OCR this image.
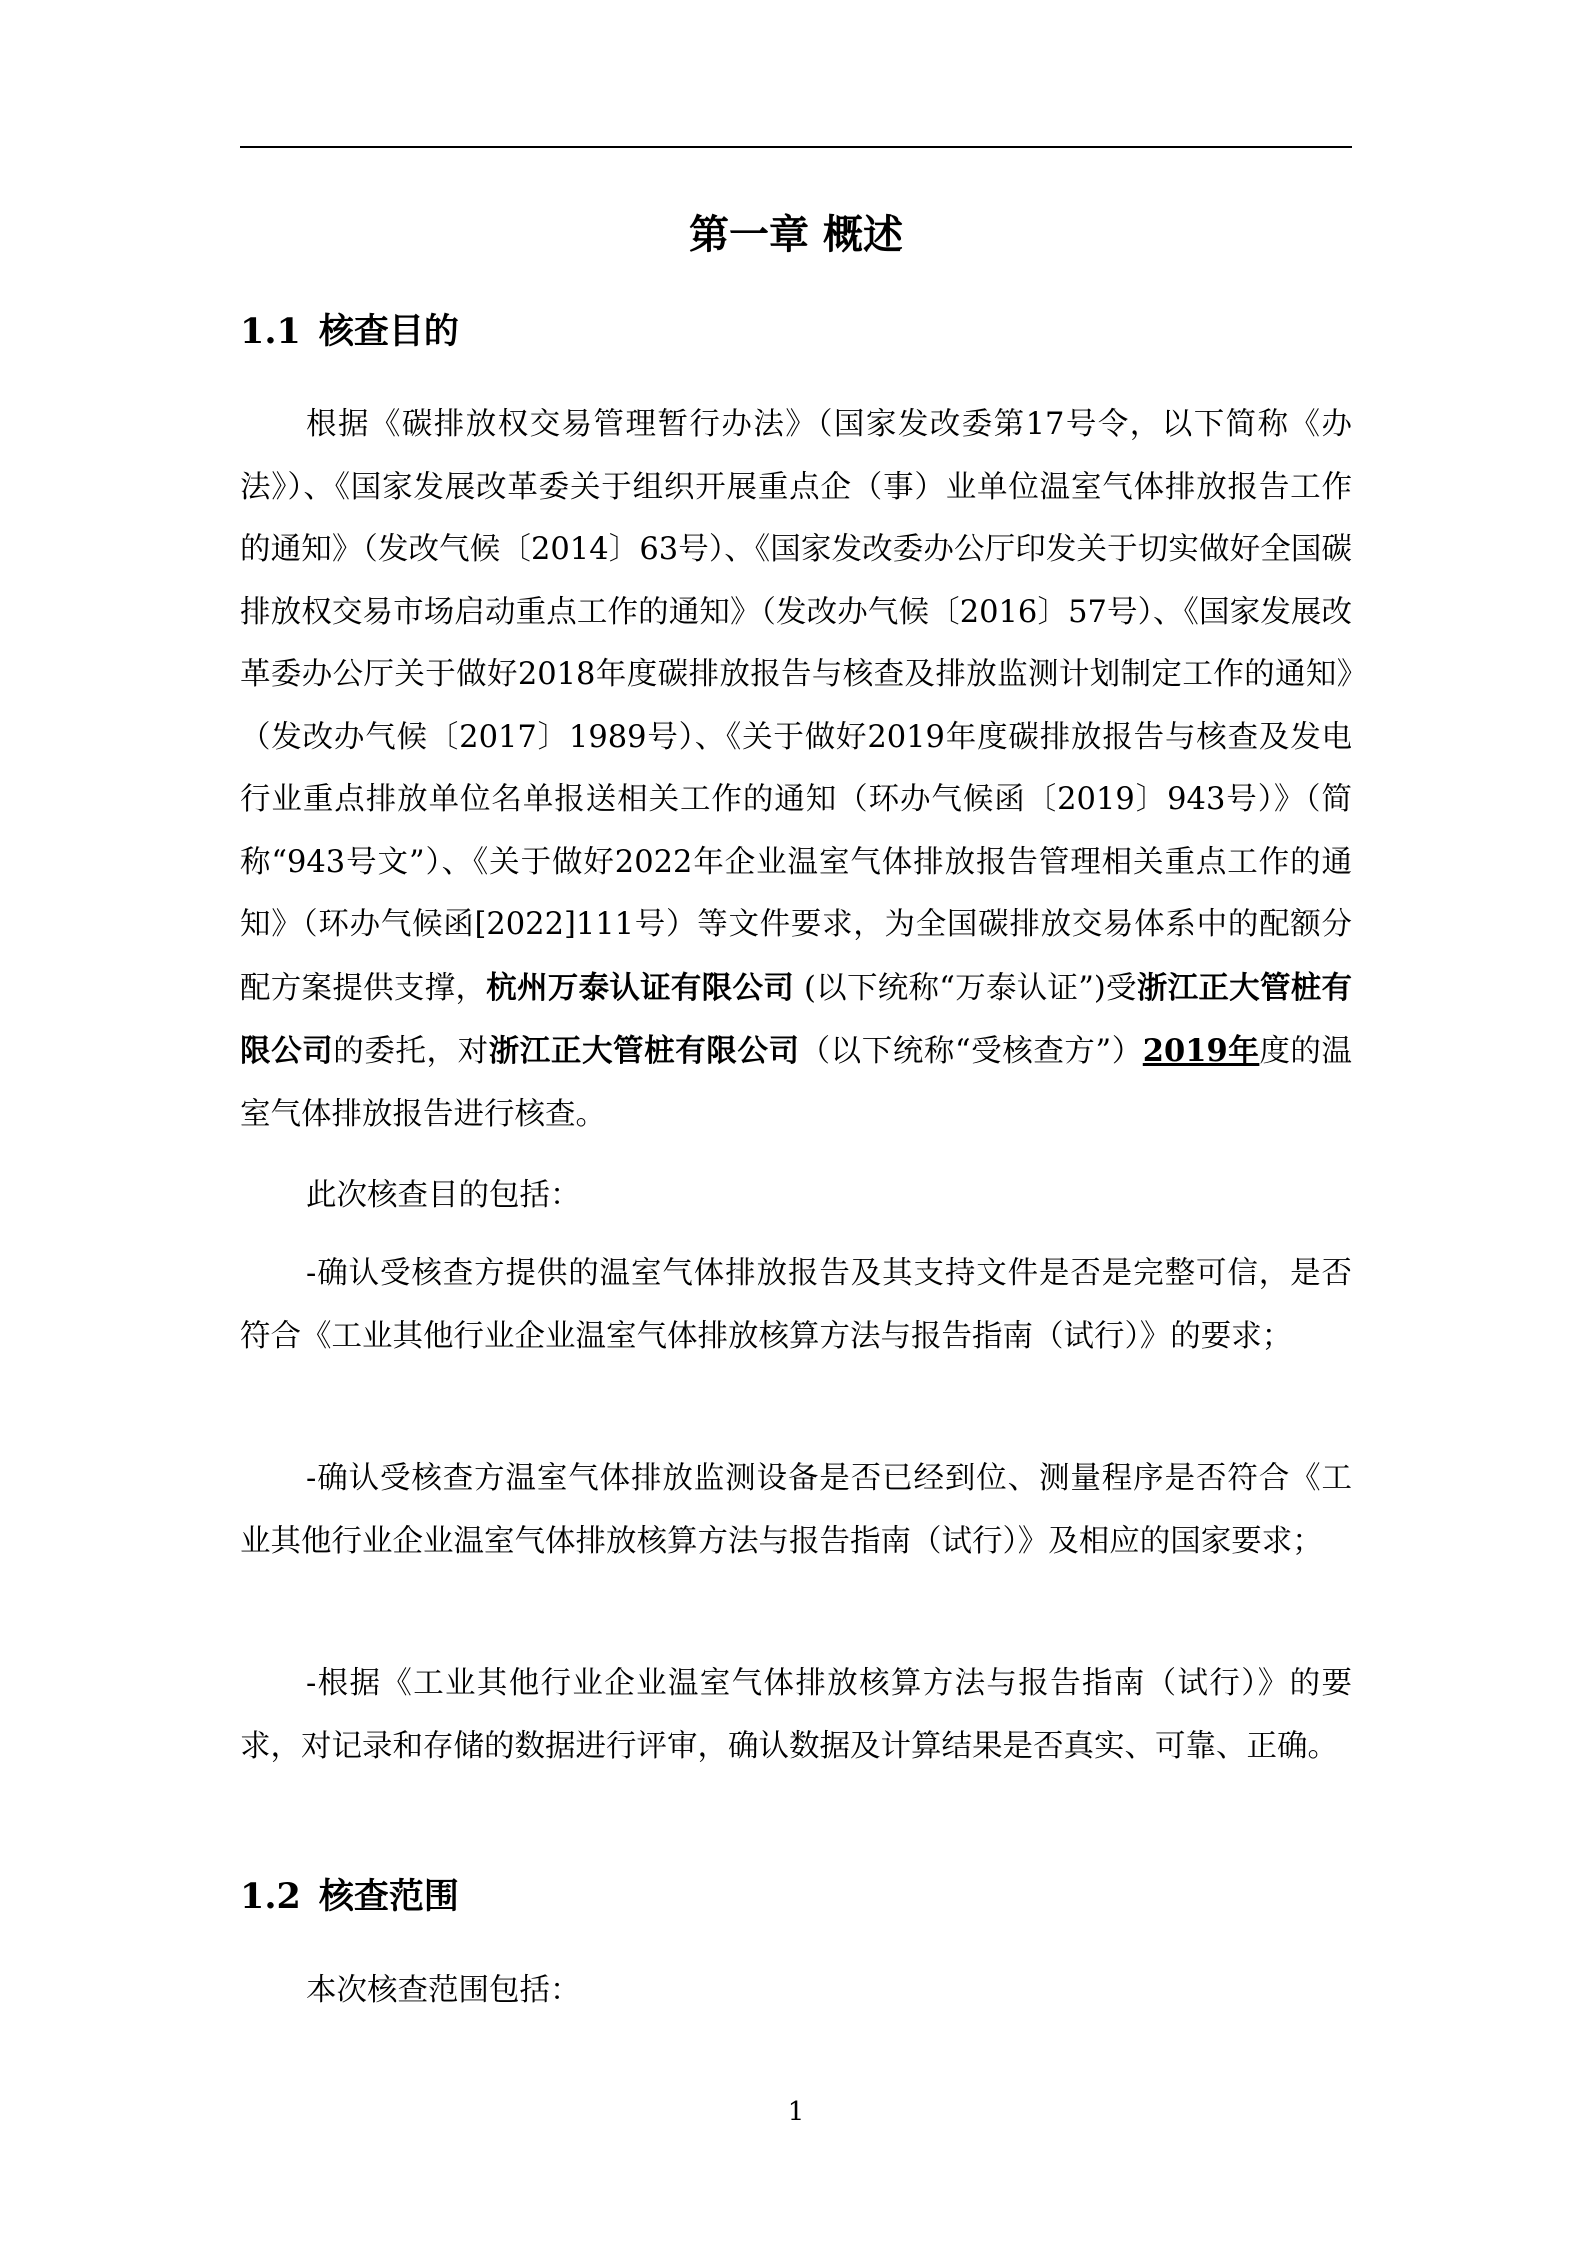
第一章 概述
1.1 核查目的

根据《碳排放权交易管理暂行办法》（国家发改委第17号令，以下简称《办法》）、《国家发展改革委关于组织开展重点企（事）业单位温室气体排放报告工作的通知》（发改气候〔2014〕63号）、《国家发改委办公厅印发关于切实做好全国碳排放权交易市场启动重点工作的通知》（发改办气候〔2016〕57号）、《国家发展改革委办公厅关于做好2018年度碳排放报告与核查及排放监测计划制定工作的通知》（发改办气候〔2017〕1989号）、《关于做好2019年度碳排放报告与核查及发电行业重点排放单位名单报送相关工作的通知（环办气候函〔2019〕943号）》（简称“943号文”）、《关于做好2022年企业温室气体排放报告管理相关重点工作的通知》（环办气候函[2022]111号）等文件要求，为全国碳排放交易体系中的配额分配方案提供支撑，杭州万泰认证有限公司 (以下统称“万泰认证”)受浙江正大管桩有限公司的委托，对浙江正大管桩有限公司（以下统称“受核查方”）2019年度的温室气体排放报告进行核查。

此次核查目的包括：

-确认受核查方提供的温室气体排放报告及其支持文件是否是完整可信，是否符合《工业其他行业企业温室气体排放核算方法与报告指南（试行）》的要求；

-确认受核查方温室气体排放监测设备是否已经到位、测量程序是否符合《工业其他行业企业温室气体排放核算方法与报告指南（试行）》及相应的国家要求；

-根据《工业其他行业企业温室气体排放核算方法与报告指南（试行）》的要求，对记录和存储的数据进行评审，确认数据及计算结果是否真实、可靠、正确。

1.2 核查范围

本次核查范围包括：

1
